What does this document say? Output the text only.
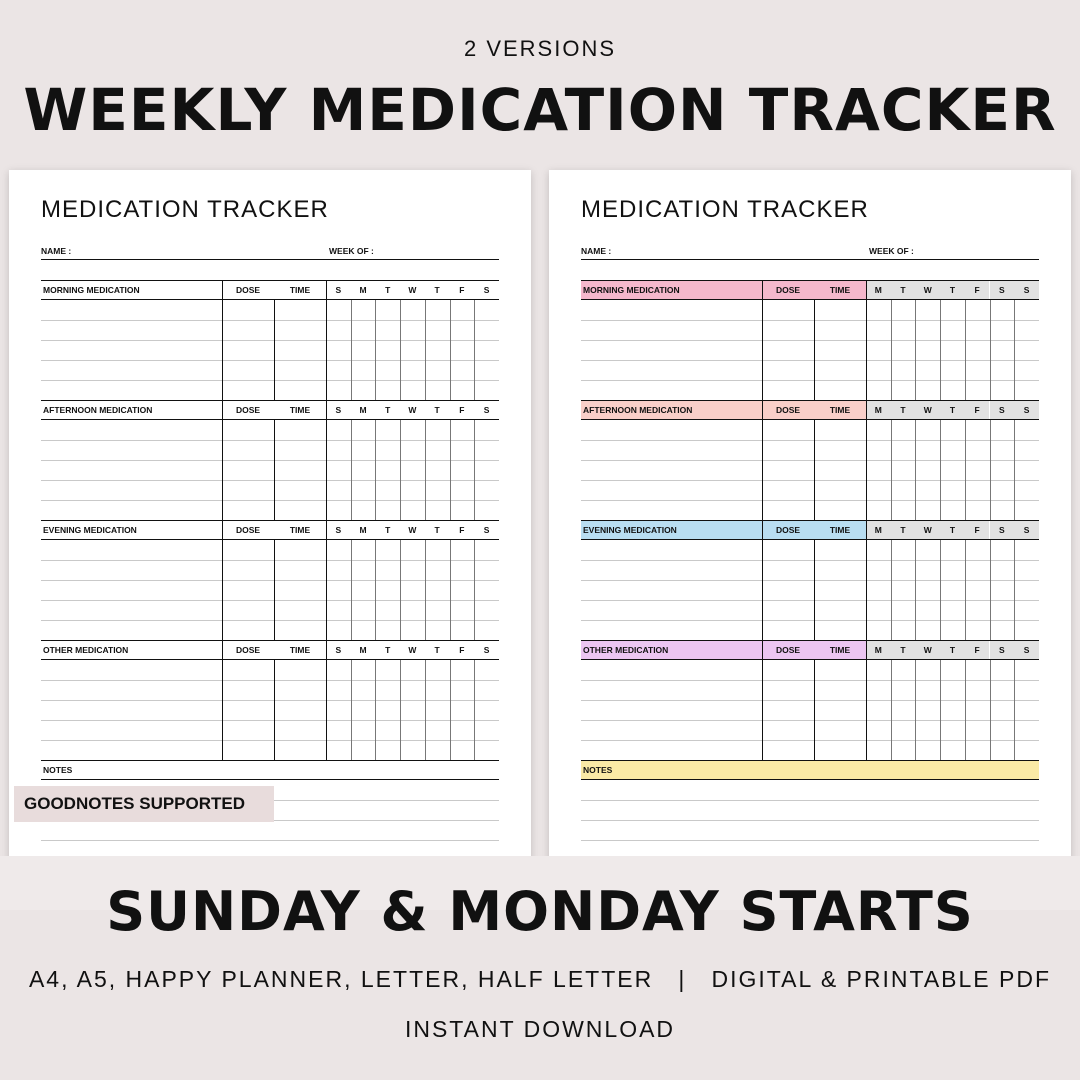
2 VERSIONS
WEEKLY MEDICATION TRACKER
MEDICATION TRACKER
NAME :	WEEK OF :
MORNING MEDICATION	DOSE	TIME	S	M	T	W	T	F	S
AFTERNOON MEDICATION	DOSE	TIME	S	M	T	W	T	F	S
EVENING MEDICATION	DOSE	TIME	S	M	T	W	T	F	S
OTHER MEDICATION	DOSE	TIME	S	M	T	W	T	F	S
NOTES
MEDICATION TRACKER
NAME :	WEEK OF :
MORNING MEDICATION	DOSE	TIME	M	T	W	T	F	S	S
AFTERNOON MEDICATION	DOSE	TIME	M	T	W	T	F	S	S
EVENING MEDICATION	DOSE	TIME	M	T	W	T	F	S	S
OTHER MEDICATION	DOSE	TIME	M	T	W	T	F	S	S
NOTES
GOODNOTES SUPPORTED
SUNDAY & MONDAY STARTS
A4, A5, HAPPY PLANNER, LETTER, HALF LETTER   |   DIGITAL & PRINTABLE PDF
INSTANT DOWNLOAD
